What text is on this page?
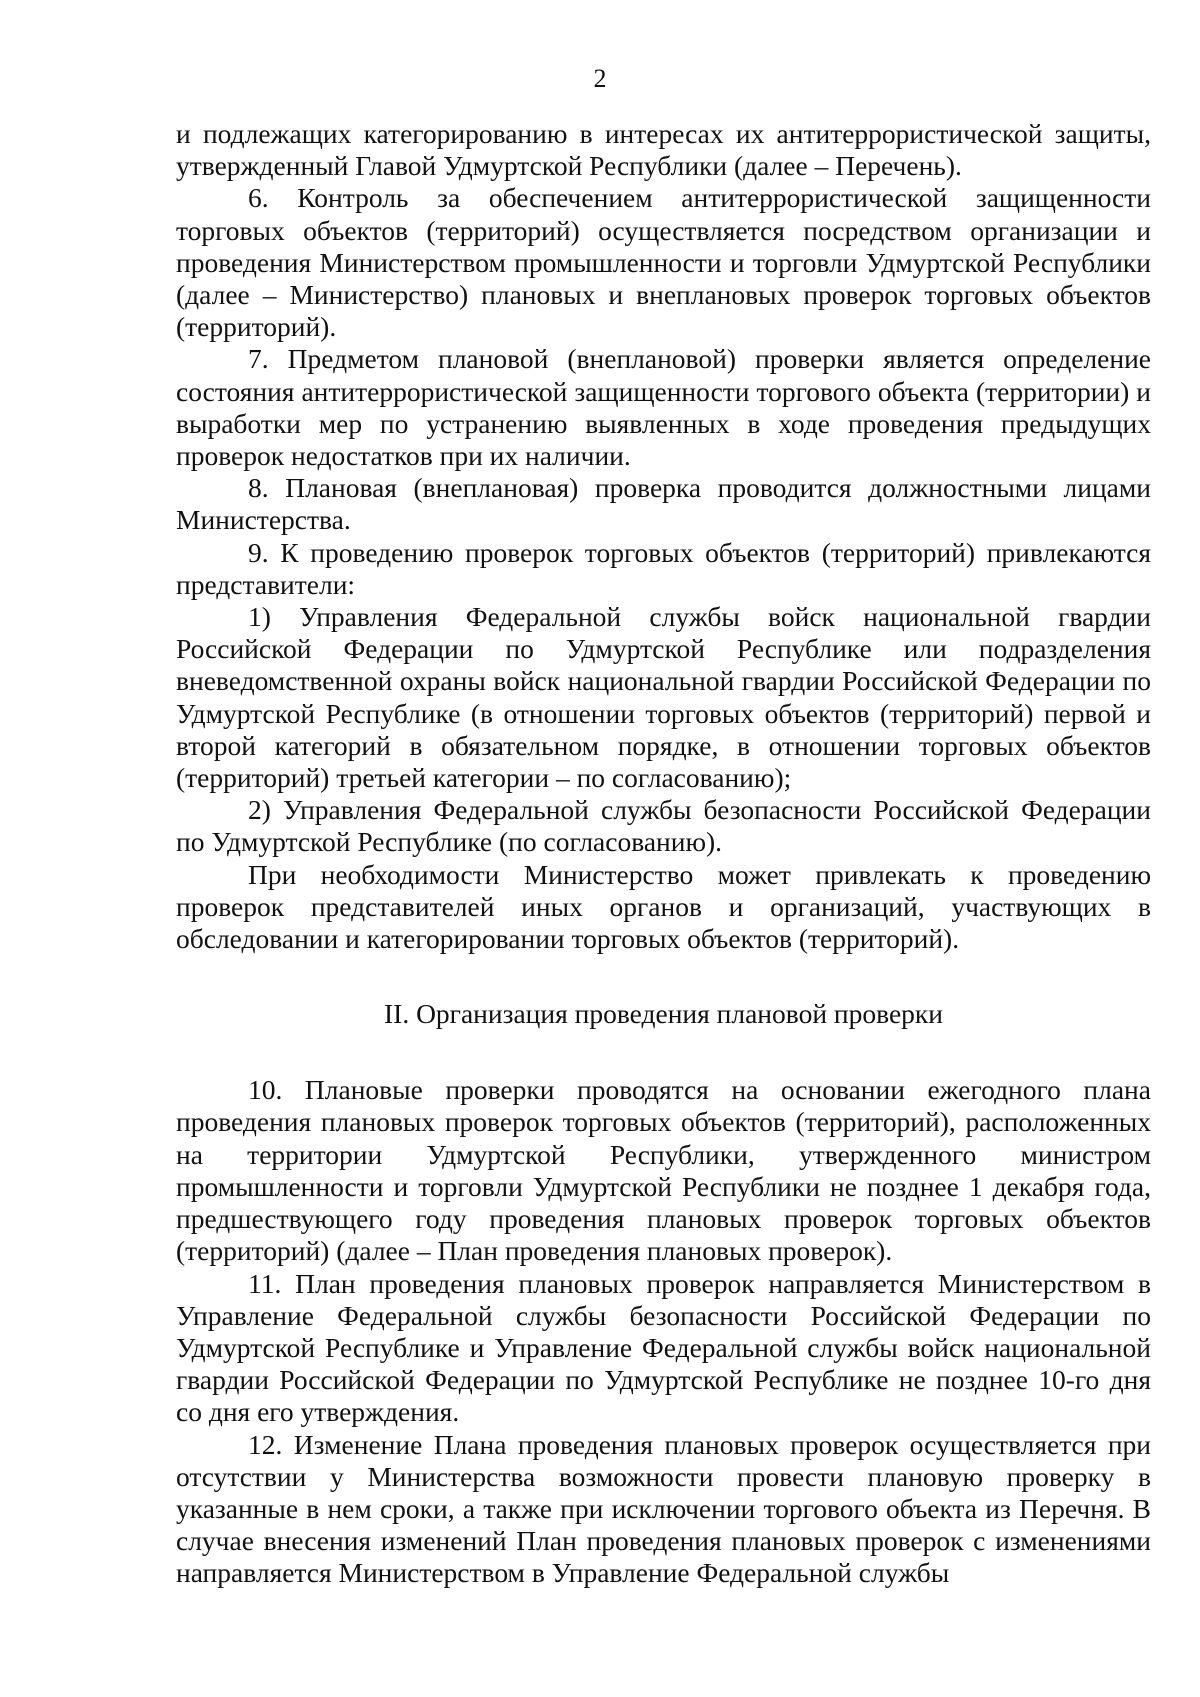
2

и подлежащих категорированию в интересах их антитеррористической защиты, утвержденный Главой Удмуртской Республики (далее – Перечень).

6. Контроль за обеспечением антитеррористической защищенности торговых объектов (территорий) осуществляется посредством организации и проведения Министерством промышленности и торговли Удмуртской Республики (далее – Министерство) плановых и внеплановых проверок торговых объектов (территорий).

7. Предметом плановой (внеплановой) проверки является определение состояния антитеррористической защищенности торгового объекта (территории) и выработки мер по устранению выявленных в ходе проведения предыдущих проверок недостатков при их наличии.

8. Плановая (внеплановая) проверка проводится должностными лицами Министерства.

9. К проведению проверок торговых объектов (территорий) привлекаются представители:

1) Управления Федеральной службы войск национальной гвардии Российской Федерации по Удмуртской Республике или подразделения вневедомственной охраны войск национальной гвардии Российской Федерации по Удмуртской Республике (в отношении торговых объектов (территорий) первой и второй категорий в обязательном порядке, в отношении торговых объектов (территорий) третьей категории – по согласованию);

2) Управления Федеральной службы безопасности Российской Федерации по Удмуртской Республике (по согласованию).

При необходимости Министерство может привлекать к проведению проверок представителей иных органов и организаций, участвующих в обследовании и категорировании торговых объектов (территорий).

II. Организация проведения плановой проверки

10. Плановые проверки проводятся на основании ежегодного плана проведения плановых проверок торговых объектов (территорий), расположенных на территории Удмуртской Республики, утвержденного министром промышленности и торговли Удмуртской Республики не позднее 1 декабря года, предшествующего году проведения плановых проверок торговых объектов (территорий) (далее – План проведения плановых проверок).

11. План проведения плановых проверок направляется Министерством в Управление Федеральной службы безопасности Российской Федерации по Удмуртской Республике и Управление Федеральной службы войск национальной гвардии Российской Федерации по Удмуртской Республике не позднее 10-го дня со дня его утверждения.

12. Изменение Плана проведения плановых проверок осуществляется при отсутствии у Министерства возможности провести плановую проверку в указанные в нем сроки, а также при исключении торгового объекта из Перечня. В случае внесения изменений План проведения плановых проверок с изменениями направляется Министерством в Управление Федеральной службы
